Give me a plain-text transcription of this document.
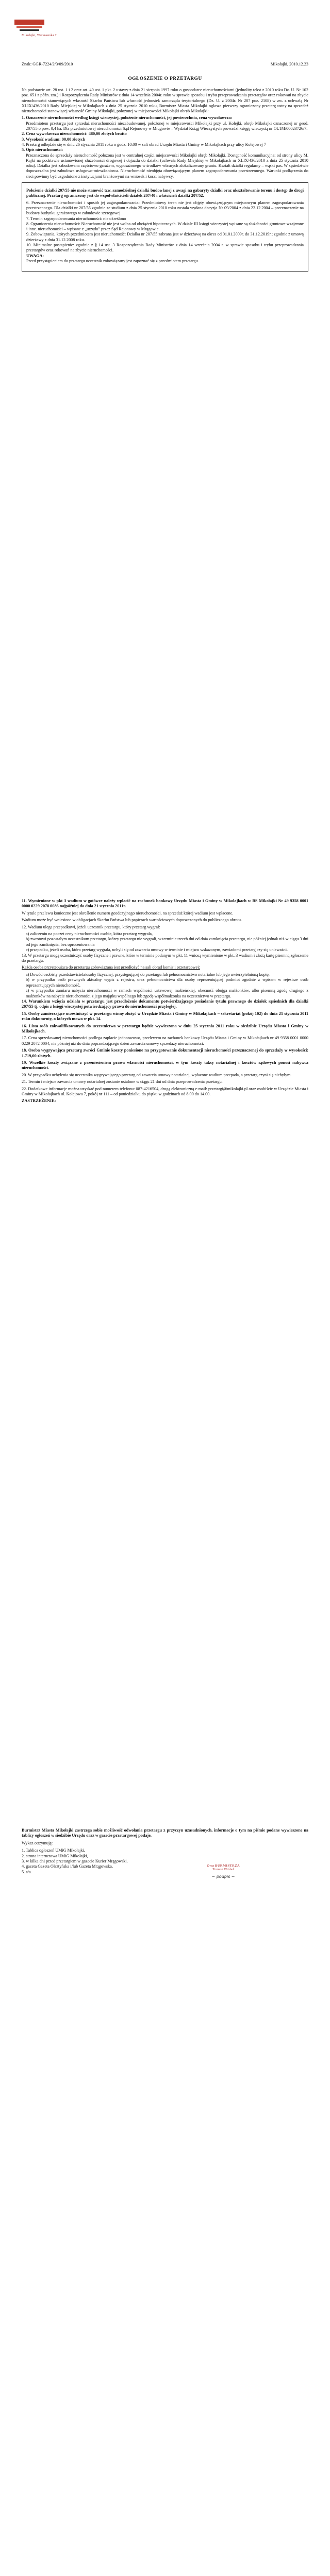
Mikołajki, Warszawska 7
Znak: GGR-7224/2/3/09/2010	Mikołajki, 2010.12.23
OGŁOSZENIE O PRZETARGU

Na podstawie art. 28 ust. 1 i 2 oraz art. 40 ust. 1 pkt. 2 ustawy z dnia 21 sierpnia 1997 roku o gospodarce nieruchomościami (jednolity tekst z 2010 roku Dz. U. Nr 102 poz. 651 z późn. zm.) i Rozporządzenia Rady Ministrów z dnia 14 września 2004r. roku w sprawie sposobu i trybu przeprowadzania przetargów oraz rokowań na zbycie nieruchomości stanowiących własność Skarbu Państwa lub własność jednostek samorządu terytorialnego (Dz. U. z 2004r. Nr 207 poz. 2108) w zw. z uchwałą Nr XLIX/436/2010 Rady Miejskiej w Mikołajkach z dnia 25 stycznia 2010 roku, Burmistrz Miasta Mikołajki ogłasza pierwszy ograniczony przetarg ustny na sprzedaż nieruchomości stanowiącej własność Gminy Mikołajki, położonej w miejscowości Mikołajki obręb Mikołajki:

1. Oznaczenie nieruchomości według księgi wieczystej, położenie nieruchomości, jej powierzchnia, cena wywoławcza:
Przedmiotem przetargu jest sprzedaż nieruchomości niezabudowanej, położonej w miejscowości Mikołajki przy ul. Kolejki, obręb Mikołajki oznaczonej nr geod. 207/55 o pow. 0,4 ha. Dla przedmiotowej nieruchomości Sąd Rejonowy w Mrągowie – Wydział Ksiąg Wieczystych prowadzi księgę wieczystą nr OL1M/00023726/7.
2. Cena wywoławcza nieruchomości: 480,00 złotych brutto
3. Wysokość wadium: 90,00 złotych
4. Przetarg odbędzie się w dniu 26 stycznia 2011 roku o godz. 10.00 w sali obrad Urzędu Miasta i Gminy w Mikołajkach przy ulicy Kolejowej 7
5. Opis nieruchomości:
Przeznaczona do sprzedaży nieruchomość położona jest w centralnej części miejscowości Mikołajki obręb Mikołajki. Dostępność komunikacyjna: od strony ulicy M. Kajki na podstawie ustanowionej służebności drogowej i dojazdu do działki (uchwała Rady Miejskiej w Mikołajkach nr XLIX/436/2010 z dnia 25 stycznia 2010 roku). Działka jest zabudowana częściowo garażem, wyposażonego w środków własnych zlokalizowany gruntu. Kształt działki regularny – wąski pas. W sąsiedztwie dopuszczalna jest zabudowa usługowo-mieszkaniowa. Nieruchomość nieobjęta obowiązującym planem zagospodarowania przestrzennego. Warunki podłączenia do sieci powinny być uzgodnione z instytucjami branżowymi na wniosek i koszt nabywcy.

Położenie działki 207/55 nie może stanowić tzw. samodzielnej działki budowlanej z uwagi na gabaryty działki oraz ukształtowanie terenu i dostęp do drogi publicznej. Przetarg ograniczony jest do współwłaścicieli działek 207/40 i właścicieli działki 207/52.

6. Przeznaczenie nieruchomości i sposób jej zagospodarowania: Przedmiotowy teren nie jest objęty obowiązującym miejscowym planem zagospodarowania przestrzennego. Dla działki nr 207/55 zgodnie ze studium z dnia 25 stycznia 2010 roku została wydana decyzja Nr 09/2004 z dnia 22.12.2004 – przeznaczenie na budowę budynku garażowego w zabudowie szeregowej.
7. Termin zagospodarowania nieruchomości: nie określono
8. Ograniczenia nieruchomości: Nieruchomość nie jest wolna od obciążeń hipotecznych. W dziale III księgi wieczystej wpisane są służebności gruntowe wzajemne i inne. nieruchomości – wpisane z „urzędu” przez Sąd Rejonowy w Mrągowie.
9. Zobowiązania, których przedmiotem jest nieruchomość: Działka nr 207/55 zabrana jest w dzierżawę na okres od 01.01.2009r. do 31.12.2019r.; zgodnie z umową dzierżawy z dnia 31.12.2008 roku.
10. Minimalne postąpienie: zgodnie z § 14 ust. 3 Rozporządzenia Rady Ministrów z dnia 14 września 2004 r. w sprawie sposobu i trybu przeprowadzania przetargów oraz rokowań na zbycie nieruchomości.
UWAGA:
Przed przystąpieniem do przetargu uczestnik zobowiązany jest zapoznać się z przedmiotem przetargu.

11. Wymienione w pkt 3 wadium w gotówce należy wpłacić na rachunek bankowy Urzędu Miasta i Gminy w Mikołajkach w BS Mikołajki Nr 49 9358 0001 0000 0229 2078 0086 najpóźniej do dnia 21 stycznia 2011r.

W tytule przelewu konieczne jest określenie numeru geodezyjnego nieruchomości, na sprzedaż której wadium jest wpłacone.

Wadium może być wniesione w obligacjach Skarbu Państwa lub papierach wartościowych dopuszczonych do publicznego obrotu.

12. Wadium ulega przepadkowi, jeżeli uczestnik przetargu, który przetarg wygrał:

a) zaliczeniu na poczet ceny nieruchomości osobie, która przetarg wygrała,
b) zwrotowi pozostałym uczestnikom przetargu, którzy przetargu nie wygrali, w terminie trzech dni od dnia zamknięcia przetargu, nie później jednak niż w ciągu 3 dni od jego zamknięcia, bez oprocentowania
c) przepadku, jeżeli osoba, która przetarg wygrała, uchyli się od zawarcia umowy w terminie i miejscu wskazanym, zawiadomi przetarg czy się unieważni.

13. W przetargu mogą uczestniczyć osoby fizyczne i prawne, które w terminie podanym w pkt. 11 wniosą wymienione w pkt. 3 wadium i złożą kartę pisemną zgłoszenie do przetargu.

Każda osoba przystępująca do przetargu zobowiązana jest przedłożyć na sali obrad komisji przetargowej:

a) Dowód osobisty przedstawiciela/osoby fizycznej, przystępującej do przetargu lub pełnomocnictwo notarialne lub jego uwierzytelnioną kopię,
b) w przypadku osób prawnych aktualny wypis z rejestru, oraz pełnomocnictwa dla osoby reprezentującej podmiot zgodnie z wpisem w rejestrze osób reprezentujących nieruchomość,
c) w przypadku zamiaru nabycia nieruchomości w ramach wspólności ustawowej małżeńskiej, obecność obojga małżonków, albo pisemną zgodę drugiego z małżonków na nabycie nieruchomości z jego majątku wspólnego lub zgodę współmałżonka na uczestnictwo w przetargu.

14. Warunkiem wzięcia udziału w przetargu jest przedłożenie dokumentu potwierdzającego posiadanie tytułu prawnego do działek sąsiednich dla działki 207/55 tj. odpis z księgi wieczystej potwierdzający prawa do nieruchomości przyległej.

15. Osoby zamierzające uczestniczyć w przetargu winny złożyć w Urzędzie Miasta i Gminy w Mikołajkach – sekretariat (pokój 102) do dnia 21 stycznia 2011 roku dokumenty, o których mowa w pkt. 14.

16. Lista osób zakwalifikowanych do uczestnictwa w przetargu będzie wywieszona w dniu 25 stycznia 2011 roku w siedzibie Urzędu Miasta i Gminy w Mikołajkach.

17. Cena sprzedawanej nieruchomości podlega zapłacie jednorazowo, przelewem na rachunek bankowy Urzędu Miasta i Gminy w Mikołajkach nr 49 9358 0001 0000 0229 2072 0004, nie później niż do dnia poprzedzającego dzień zawarcia umowy sprzedaży nieruchomości.

18. Osoba wygrywająca przetarg zwróci Gminie koszty poniesione na przygotowanie dokumentacji nieruchomości przeznaczonej do sprzedaży w wysokości: 1.719,00 złotych.

19. Wszelkie koszty związane z przeniesieniem prawa własności nieruchomości, w tym koszty taksy notarialnej i kosztów sądowych ponosi nabywca nieruchomości.

20. W przypadku uchylenia się uczestnika wygrywającego przetarg od zawarcia umowy notarialnej, wpłacone wadium przepada, a przetarg czyni się niebyłym.

21. Termin i miejsce zawarcia umowy notarialnej zostanie ustalone w ciągu 21 dni od dnia przeprowadzenia przetargu.

22. Dodatkowe informacje można uzyskać pod numerem telefonu: 087-4216504, drogą elektroniczną e-mail: przetargi@mikolajki.pl oraz osobiście w Urzędzie Miasta i Gminy w Mikołajkach ul. Kolejowa 7, pokój nr 111 – od poniedziałku do piątku w godzinach od 8.00 do 14.00.

ZASTRZEŻENIE:

Burmistrz Miasta Mikołajki zastrzega sobie możliwość odwołania przetargu z przyczyn uzasadnionych, informacje o tym na piśmie podane wywieszone na tablicy ogłoszeń w siedzibie Urzędu oraz w gazecie przetargowej podaje.

Wykaz otrzymują:

1. Tablica ogłoszeń UMiG Mikołajki,
2. strona internetowa UMiG Mikołajki,
3. w kilka dni przed przetargiem w gazecie Kurier Mrągowski,
4. gazeta Gazeta Olsztyńska i/lub Gazeta Mrągowska,
5. a/a.
Z-ca BURMISTRZA
Tomasz Wróbel
~ podpis ~
